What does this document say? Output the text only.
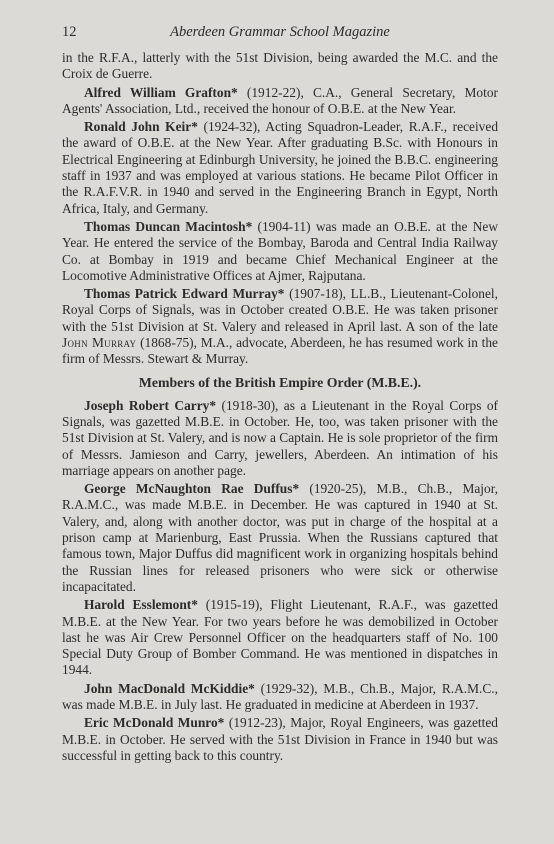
12	Aberdeen Grammar School Magazine

in the R.F.A., latterly with the 51st Division, being awarded the M.C. and the Croix de Guerre.

Alfred William Grafton* (1912-22), C.A., General Secretary, Motor Agents' Association, Ltd., received the honour of O.B.E. at the New Year.

Ronald John Keir* (1924-32), Acting Squadron-Leader, R.A.F., received the award of O.B.E. at the New Year. After graduating B.Sc. with Honours in Electrical Engineering at Edinburgh University, he joined the B.B.C. engineering staff in 1937 and was employed at various stations. He became Pilot Officer in the R.A.F.V.R. in 1940 and served in the Engineering Branch in Egypt, North Africa, Italy, and Germany.

Thomas Duncan Macintosh* (1904-11) was made an O.B.E. at the New Year. He entered the service of the Bombay, Baroda and Central India Railway Co. at Bombay in 1919 and became Chief Mechanical Engineer at the Locomotive Administrative Offices at Ajmer, Rajputana.

Thomas Patrick Edward Murray* (1907-18), LL.B., Lieutenant-Colonel, Royal Corps of Signals, was in October created O.B.E. He was taken prisoner with the 51st Division at St. Valery and released in April last. A son of the late John Murray (1868-75), M.A., advocate, Aberdeen, he has resumed work in the firm of Messrs. Stewart & Murray.

Members of the British Empire Order (M.B.E.).

Joseph Robert Carry* (1918-30), as a Lieutenant in the Royal Corps of Signals, was gazetted M.B.E. in October. He, too, was taken prisoner with the 51st Division at St. Valery, and is now a Captain. He is sole proprietor of the firm of Messrs. Jamieson and Carry, jewellers, Aberdeen. An intimation of his marriage appears on another page.

George McNaughton Rae Duffus* (1920-25), M.B., Ch.B., Major, R.A.M.C., was made M.B.E. in December. He was captured in 1940 at St. Valery, and, along with another doctor, was put in charge of the hospital at a prison camp at Marienburg, East Prussia. When the Russians captured that famous town, Major Duffus did magnificent work in organizing hospitals behind the Russian lines for released prisoners who were sick or otherwise incapacitated.

Harold Esslemont* (1915-19), Flight Lieutenant, R.A.F., was gazetted M.B.E. at the New Year. For two years before he was demobilized in October last he was Air Crew Personnel Officer on the headquarters staff of No. 100 Special Duty Group of Bomber Command. He was mentioned in dispatches in 1944.

John MacDonald McKiddie* (1929-32), M.B., Ch.B., Major, R.A.M.C., was made M.B.E. in July last. He graduated in medicine at Aberdeen in 1937.

Eric McDonald Munro* (1912-23), Major, Royal Engineers, was gazetted M.B.E. in October. He served with the 51st Division in France in 1940 but was successful in getting back to this country.
